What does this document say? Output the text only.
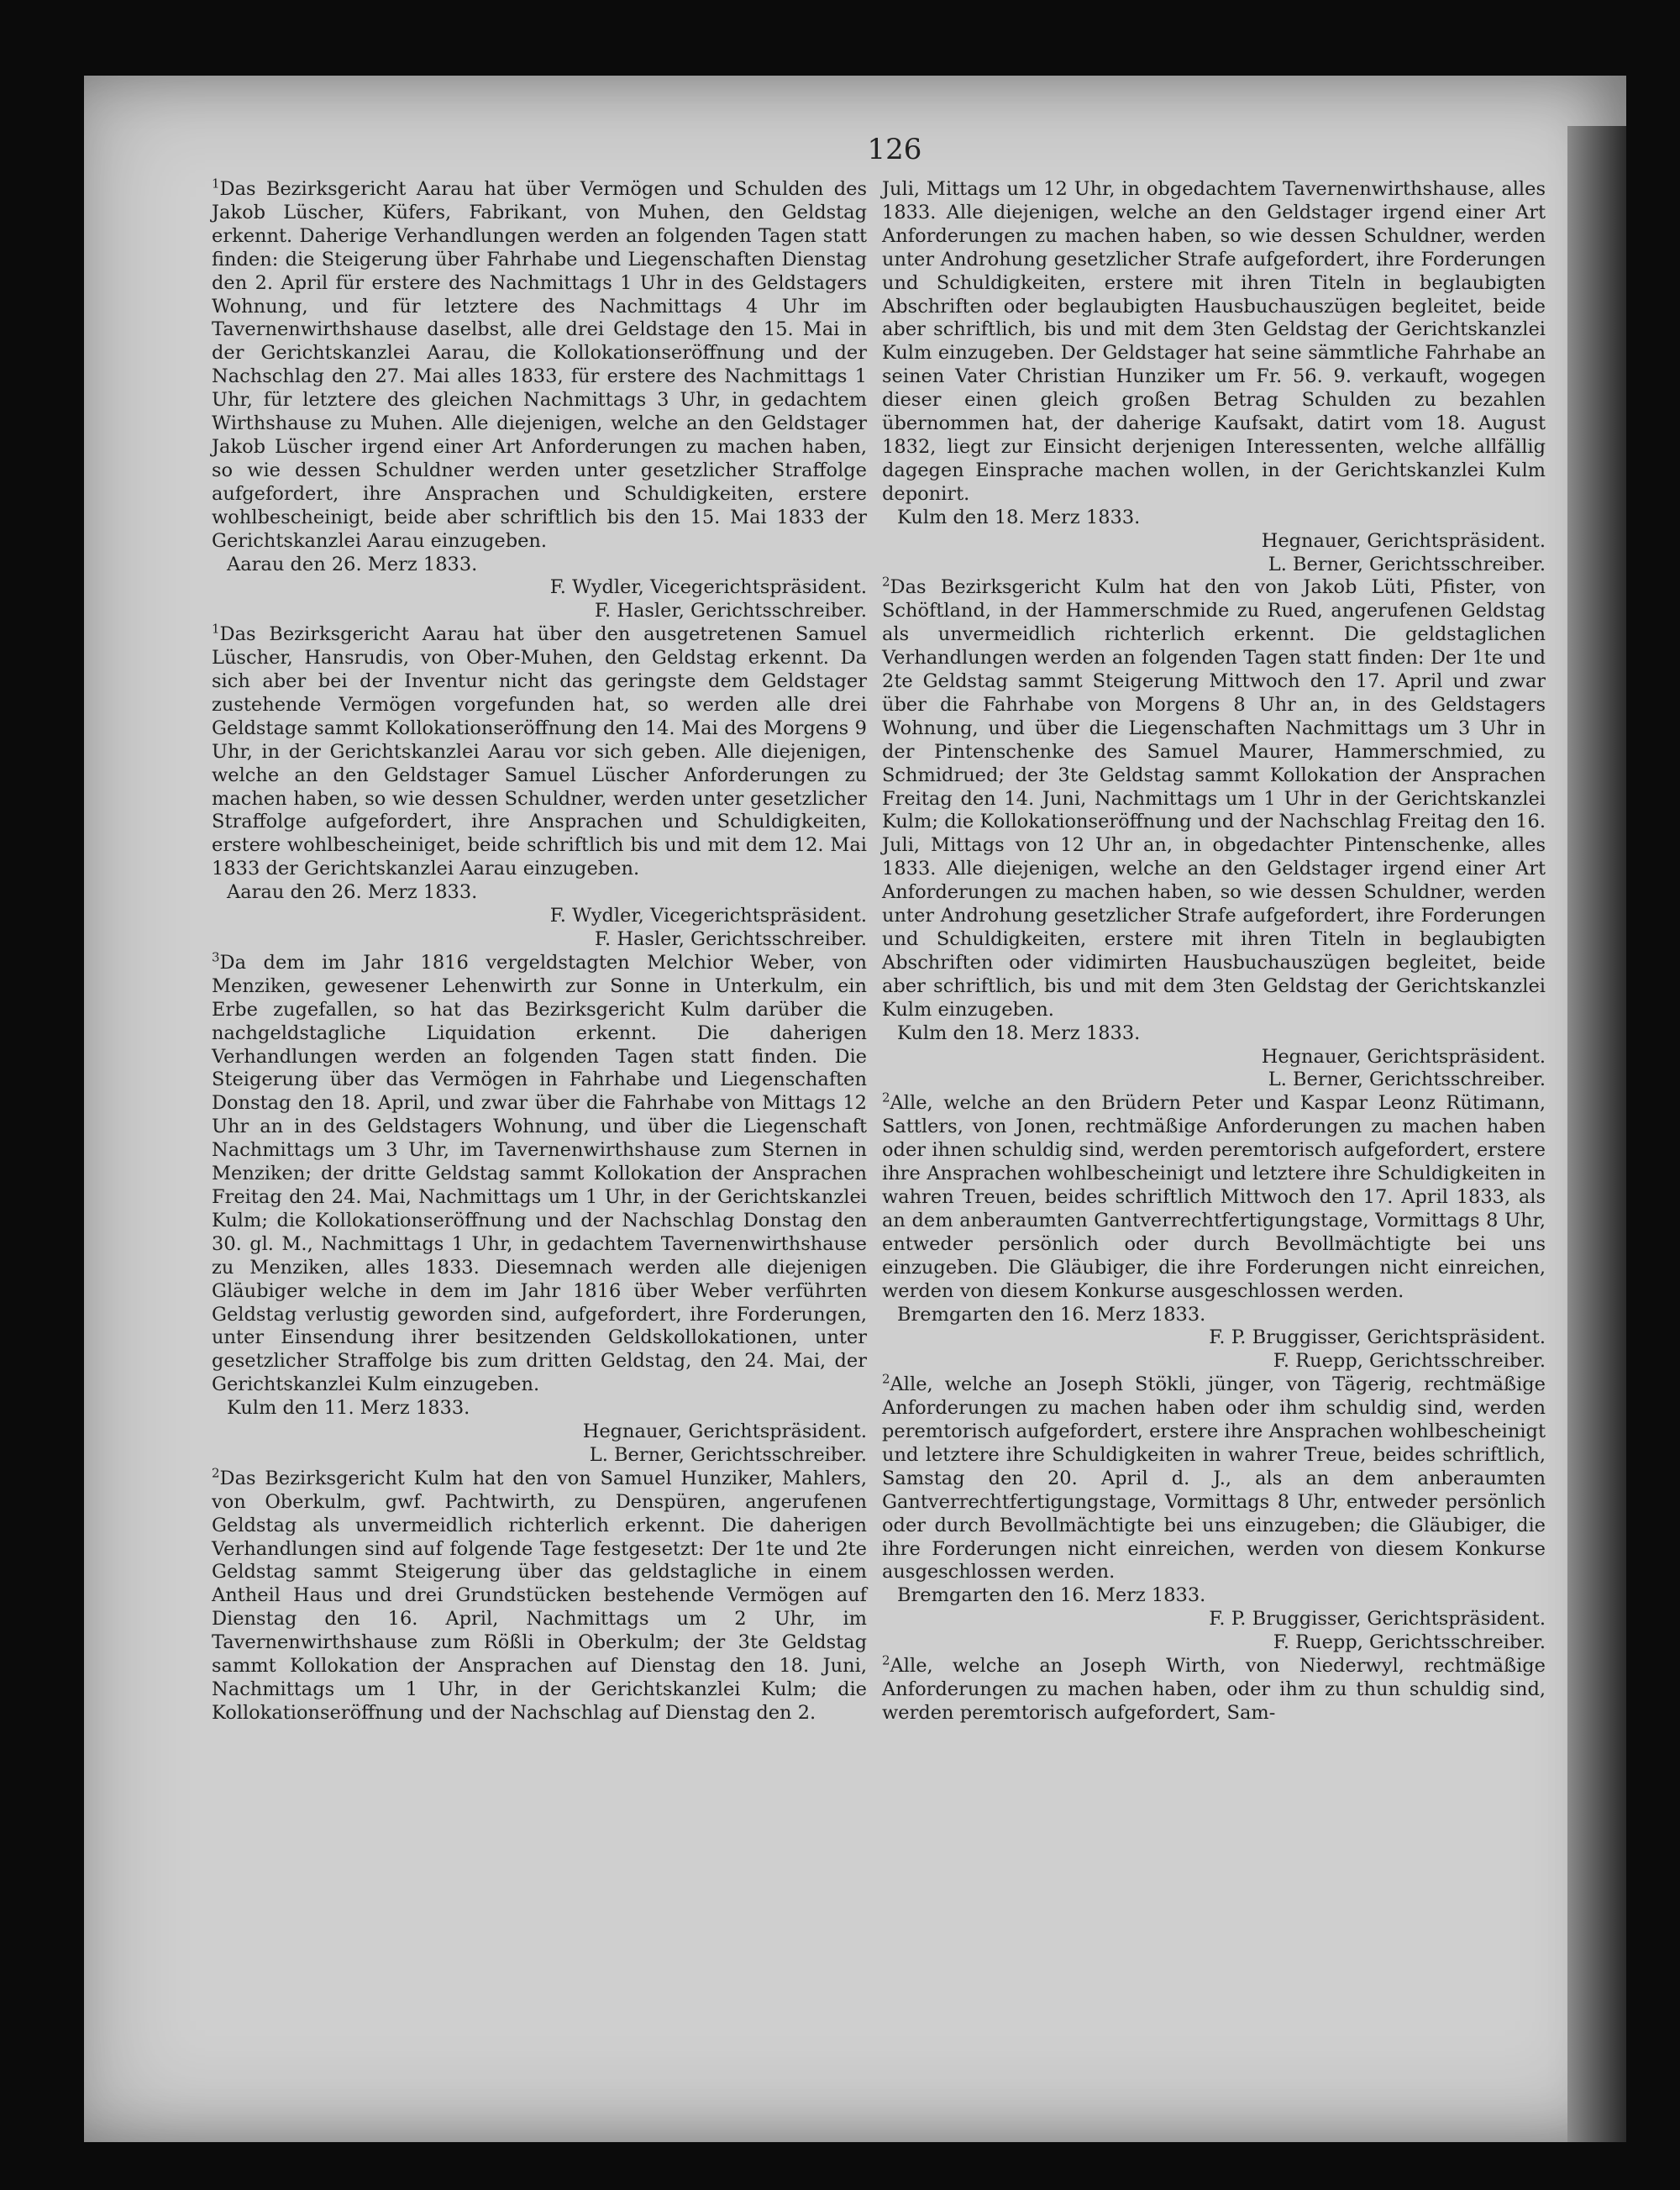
126
$^1$Das Bezirksgericht Aarau hat über Vermögen und Schulden des Jakob Lüscher, Küfers, Fabrikant, von Muhen, den Geldstag erkennt. Daherige Verhandlungen werden an folgenden Tagen statt finden: die Steigerung über Fahrhabe und Liegenschaften Dienstag den 2. April für erstere des Nachmittags 1 Uhr in des Geldstagers Wohnung, und für letztere des Nachmittags 4 Uhr im Tavernenwirthshause daselbst, alle drei Geldstage den 15. Mai in der Gerichtskanzlei Aarau, die Kollokationseröffnung und der Nachschlag den 27. Mai alles 1833, für erstere des Nachmittags 1 Uhr, für letztere des gleichen Nachmittags 3 Uhr, in gedachtem Wirthshause zu Muhen. Alle diejenigen, welche an den Geldstager Jakob Lüscher irgend einer Art Anforderungen zu machen haben, so wie dessen Schuldner werden unter gesetzlicher Straffolge aufgefordert, ihre Ansprachen und Schuldigkeiten, erstere wohlbescheinigt, beide aber schriftlich bis den 15. Mai 1833 der Gerichtskanzlei Aarau einzugeben.
Aarau den 26. Merz 1833.
F. Wydler, Vicegerichtspräsident.
F. Hasler, Gerichtsschreiber.
$^1$Das Bezirksgericht Aarau hat über den ausgetretenen Samuel Lüscher, Hansrudis, von Ober-Muhen, den Geldstag erkennt. Da sich aber bei der Inventur nicht das geringste dem Geldstager zustehende Vermögen vorgefunden hat, so werden alle drei Geldstage sammt Kollokationseröffnung den 14. Mai des Morgens 9 Uhr, in der Gerichtskanzlei Aarau vor sich geben. Alle diejenigen, welche an den Geldstager Samuel Lüscher Anforderungen zu machen haben, so wie dessen Schuldner, werden unter gesetzlicher Straffolge aufgefordert, ihre Ansprachen und Schuldigkeiten, erstere wohlbescheiniget, beide schriftlich bis und mit dem 12. Mai 1833 der Gerichtskanzlei Aarau einzugeben.
Aarau den 26. Merz 1833.
F. Wydler, Vicegerichtspräsident.
F. Hasler, Gerichtsschreiber.
$^3$Da dem im Jahr 1816 vergeldstagten Melchior Weber, von Menziken, gewesener Lehenwirth zur Sonne in Unterkulm, ein Erbe zugefallen, so hat das Bezirksgericht Kulm darüber die nachgeldstagliche Liquidation erkennt. Die daherigen Verhandlungen werden an folgenden Tagen statt finden. Die Steigerung über das Vermögen in Fahrhabe und Liegenschaften Donstag den 18. April, und zwar über die Fahrhabe von Mittags 12 Uhr an in des Geldstagers Wohnung, und über die Liegenschaft Nachmittags um 3 Uhr, im Tavernenwirthshause zum Sternen in Menziken; der dritte Geldstag sammt Kollokation der Ansprachen Freitag den 24. Mai, Nachmittags um 1 Uhr, in der Gerichtskanzlei Kulm; die Kollokationseröffnung und der Nachschlag Donstag den 30. gl. M., Nachmittags 1 Uhr, in gedachtem Tavernenwirthshause zu Menziken, alles 1833. Diesemnach werden alle diejenigen Gläubiger welche in dem im Jahr 1816 über Weber verführten Geldstag verlustig geworden sind, aufgefordert, ihre Forderungen, unter Einsendung ihrer besitzenden Geldskollokationen, unter gesetzlicher Straffolge bis zum dritten Geldstag, den 24. Mai, der Gerichtskanzlei Kulm einzugeben.
Kulm den 11. Merz 1833.
Hegnauer, Gerichtspräsident.
L. Berner, Gerichtsschreiber.
$^2$Das Bezirksgericht Kulm hat den von Samuel Hunziker, Mahlers, von Oberkulm, gwf. Pachtwirth, zu Denspüren, angerufenen Geldstag als unvermeidlich richterlich erkennt. Die daherigen Verhandlungen sind auf folgende Tage festgesetzt: Der 1te und 2te Geldstag sammt Steigerung über das geldstagliche in einem Antheil Haus und drei Grundstücken bestehende Vermögen auf Dienstag den 16. April, Nachmittags um 2 Uhr, im Tavernenwirthshause zum Rößli in Oberkulm; der 3te Geldstag sammt Kollokation der Ansprachen auf Dienstag den 18. Juni, Nachmittags um 1 Uhr, in der Gerichtskanzlei Kulm; die Kollokationseröffnung und der Nachschlag auf Dienstag den 2.
Juli, Mittags um 12 Uhr, in obgedachtem Tavernenwirthshause, alles 1833. Alle diejenigen, welche an den Geldstager irgend einer Art Anforderungen zu machen haben, so wie dessen Schuldner, werden unter Androhung gesetzlicher Strafe aufgefordert, ihre Forderungen und Schuldigkeiten, erstere mit ihren Titeln in beglaubigten Abschriften oder beglaubigten Hausbuchauszügen begleitet, beide aber schriftlich, bis und mit dem 3ten Geldstag der Gerichtskanzlei Kulm einzugeben. Der Geldstager hat seine sämmtliche Fahrhabe an seinen Vater Christian Hunziker um Fr. 56. 9. verkauft, wogegen dieser einen gleich großen Betrag Schulden zu bezahlen übernommen hat, der daherige Kaufsakt, datirt vom 18. August 1832, liegt zur Einsicht derjenigen Interessenten, welche allfällig dagegen Einsprache machen wollen, in der Gerichtskanzlei Kulm deponirt.
Kulm den 18. Merz 1833.
Hegnauer, Gerichtspräsident.
L. Berner, Gerichtsschreiber.
$^2$Das Bezirksgericht Kulm hat den von Jakob Lüti, Pfister, von Schöftland, in der Hammerschmide zu Rued, angerufenen Geldstag als unvermeidlich richterlich erkennt. Die geldstaglichen Verhandlungen werden an folgenden Tagen statt finden: Der 1te und 2te Geldstag sammt Steigerung Mittwoch den 17. April und zwar über die Fahrhabe von Morgens 8 Uhr an, in des Geldstagers Wohnung, und über die Liegenschaften Nachmittags um 3 Uhr in der Pintenschenke des Samuel Maurer, Hammerschmied, zu Schmidrued; der 3te Geldstag sammt Kollokation der Ansprachen Freitag den 14. Juni, Nachmittags um 1 Uhr in der Gerichtskanzlei Kulm; die Kollokationseröffnung und der Nachschlag Freitag den 16. Juli, Mittags von 12 Uhr an, in obgedachter Pintenschenke, alles 1833. Alle diejenigen, welche an den Geldstager irgend einer Art Anforderungen zu machen haben, so wie dessen Schuldner, werden unter Androhung gesetzlicher Strafe aufgefordert, ihre Forderungen und Schuldigkeiten, erstere mit ihren Titeln in beglaubigten Abschriften oder vidimirten Hausbuchauszügen begleitet, beide aber schriftlich, bis und mit dem 3ten Geldstag der Gerichtskanzlei Kulm einzugeben.
Kulm den 18. Merz 1833.
Hegnauer, Gerichtspräsident.
L. Berner, Gerichtsschreiber.
$^2$Alle, welche an den Brüdern Peter und Kaspar Leonz Rütimann, Sattlers, von Jonen, rechtmäßige Anforderungen zu machen haben oder ihnen schuldig sind, werden peremtorisch aufgefordert, erstere ihre Ansprachen wohlbescheinigt und letztere ihre Schuldigkeiten in wahren Treuen, beides schriftlich Mittwoch den 17. April 1833, als an dem anberaumten Gantverrechtfertigungstage, Vormittags 8 Uhr, entweder persönlich oder durch Bevollmächtigte bei uns einzugeben. Die Gläubiger, die ihre Forderungen nicht einreichen, werden von diesem Konkurse ausgeschlossen werden.
Bremgarten den 16. Merz 1833.
F. P. Bruggisser, Gerichtspräsident.
F. Ruepp, Gerichtsschreiber.
$^2$Alle, welche an Joseph Stökli, jünger, von Tägerig, rechtmäßige Anforderungen zu machen haben oder ihm schuldig sind, werden peremtorisch aufgefordert, erstere ihre Ansprachen wohlbescheinigt und letztere ihre Schuldigkeiten in wahrer Treue, beides schriftlich, Samstag den 20. April d. J., als an dem anberaumten Gantverrechtfertigungstage, Vormittags 8 Uhr, entweder persönlich oder durch Bevollmächtigte bei uns einzugeben; die Gläubiger, die ihre Forderungen nicht einreichen, werden von diesem Konkurse ausgeschlossen werden.
Bremgarten den 16. Merz 1833.
F. P. Bruggisser, Gerichtspräsident.
F. Ruepp, Gerichtsschreiber.
$^2$Alle, welche an Joseph Wirth, von Niederwyl, rechtmäßige Anforderungen zu machen haben, oder ihm zu thun schuldig sind, werden peremtorisch aufgefordert, Sam-
